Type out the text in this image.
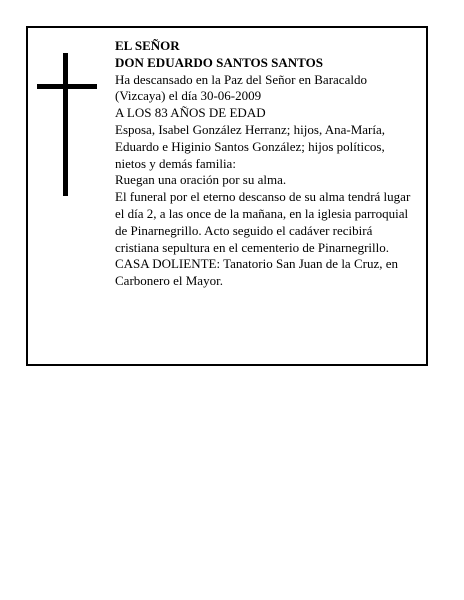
EL SEÑOR

DON EDUARDO SANTOS SANTOS

Ha descansado en la Paz del Señor en Baracaldo (Vizcaya) el día 30-06-2009

A LOS 83 AÑOS DE EDAD

Esposa, Isabel González Herranz; hijos, Ana-María, Eduardo e Higinio Santos González; hijos políticos, nietos y demás familia:

Ruegan una oración por su alma.

El funeral por el eterno descanso de su alma tendrá lugar el día 2, a las once de la mañana, en la iglesia parroquial de Pinarnegrillo. Acto seguido el cadáver recibirá cristiana sepultura en el cementerio de Pinarnegrillo.

CASA DOLIENTE: Tanatorio San Juan de la Cruz, en Carbonero el Mayor.
